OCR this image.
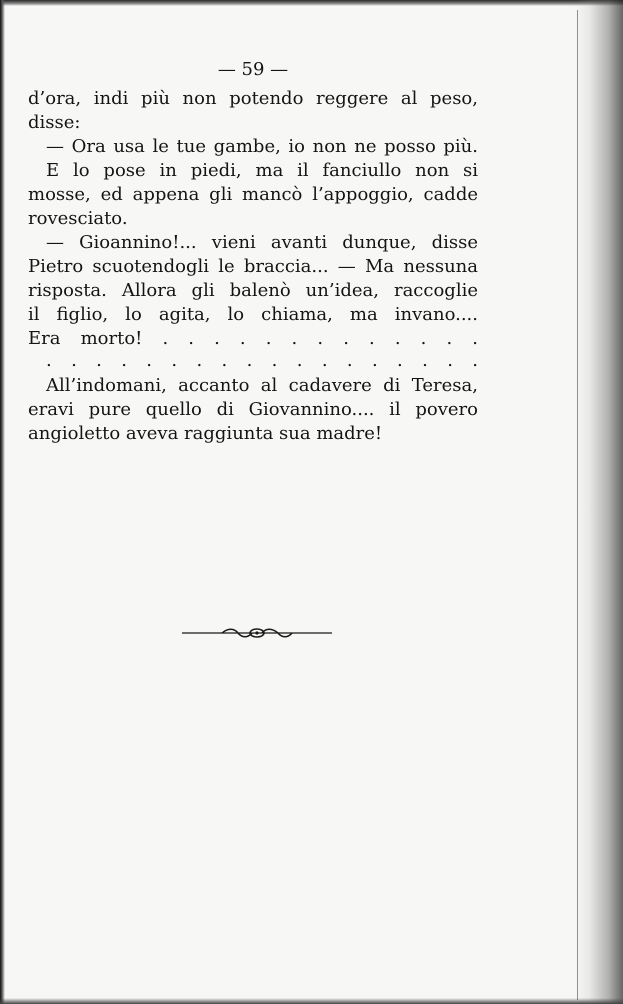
— 59 —
d’ora, indi più non potendo reggere al peso,
disse:
— Ora usa le tue gambe, io non ne posso più.
E lo pose in piedi, ma il fanciullo non si
mosse, ed appena gli mancò l’appoggio, cadde
rovesciato.
— Gioannino!... vieni avanti dunque, disse
Pietro scuotendogli le braccia... — Ma nessuna
risposta. Allora gli balenò un’idea, raccoglie
il figlio, lo agita, lo chiama, ma invano....
Era morto! . . . . . . . . . . . . .
. . . . . . . . . . . . . . . . . .
All’indomani, accanto al cadavere di Teresa,
eravi pure quello di Giovannino.... il povero
angioletto aveva raggiunta sua madre!
